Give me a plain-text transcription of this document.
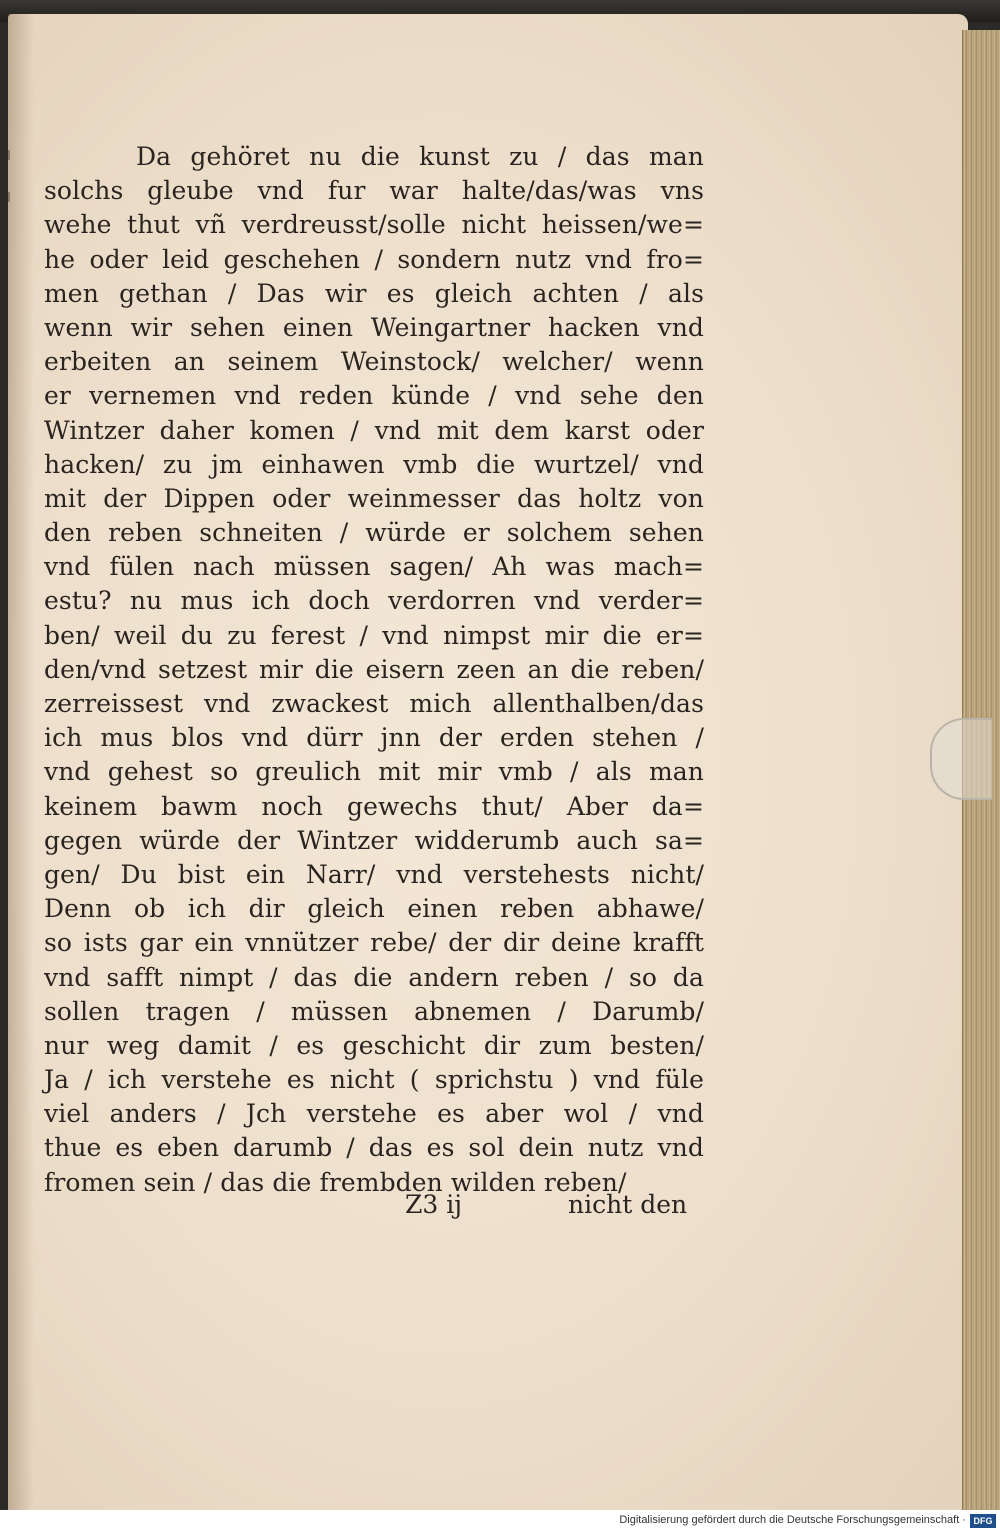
Da gehöret nu die kunst zu / das man
solchs gleube vnd fur war halte/das/was vns
wehe thut vñ verdreusst/solle nicht heissen/we=
he oder leid geschehen / sondern nutz vnd fro=
men gethan / Das wir es gleich achten / als
wenn wir sehen einen Weingartner hacken vnd
erbeiten an seinem Weinstock/ welcher/ wenn
er vernemen vnd reden künde / vnd sehe den
Wintzer daher komen / vnd mit dem karst oder
hacken/ zu jm einhawen vmb die wurtzel/ vnd
mit der Dippen oder weinmesser das holtz von
den reben schneiten / würde er solchem sehen
vnd fülen nach müssen sagen/ Ah was mach=
estu? nu mus ich doch verdorren vnd verder=
ben/ weil du zu ferest / vnd nimpst mir die er=
den/vnd setzest mir die eisern zeen an die reben/
zerreissest vnd zwackest mich allenthalben/das
ich mus blos vnd dürr jnn der erden stehen /
vnd gehest so greulich mit mir vmb / als man
keinem bawm noch gewechs thut/ Aber da=
gegen würde der Wintzer widderumb auch sa=
gen/ Du bist ein Narr/ vnd verstehests nicht/
Denn ob ich dir gleich einen reben abhawe/
so ists gar ein vnnützer rebe/ der dir deine krafft
vnd safft nimpt / das die andern reben / so da
sollen tragen / müssen abnemen / Darumb/
nur weg damit / es geschicht dir zum besten/
Ja / ich verstehe es nicht ( sprichstu ) vnd füle
viel anders / Jch verstehe es aber wol / vnd
thue es eben darumb / das es sol dein nutz vnd
fromen sein / das die frembden wilden reben/
Z3 ij	nicht den
Digitalisierung gefördert durch die Deutsche Forschungsgemeinschaft · DFG
